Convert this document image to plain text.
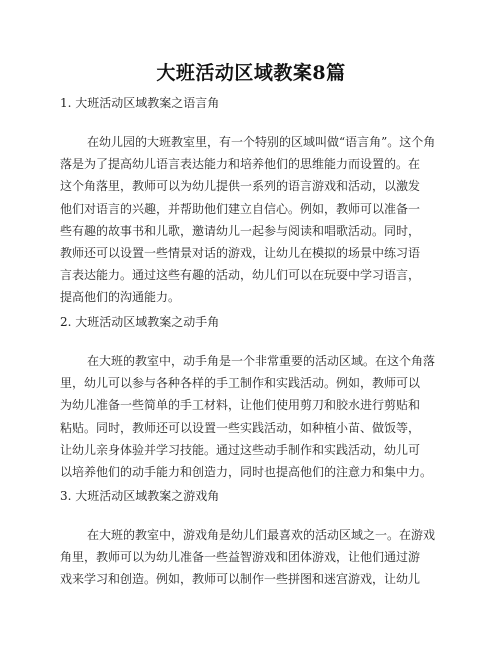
大班活动区域教案8篇

1. 大班活动区域教案之语言角

在幼儿园的大班教室里，有一个特别的区域叫做“语言角”。这个角
落是为了提高幼儿语言表达能力和培养他们的思维能力而设置的。在
这个角落里，教师可以为幼儿提供一系列的语言游戏和活动，以激发
他们对语言的兴趣，并帮助他们建立自信心。例如，教师可以准备一
些有趣的故事书和儿歌，邀请幼儿一起参与阅读和唱歌活动。同时，
教师还可以设置一些情景对话的游戏，让幼儿在模拟的场景中练习语
言表达能力。通过这些有趣的活动，幼儿们可以在玩耍中学习语言，
提高他们的沟通能力。

2. 大班活动区域教案之动手角

在大班的教室中，动手角是一个非常重要的活动区域。在这个角落
里，幼儿可以参与各种各样的手工制作和实践活动。例如，教师可以
为幼儿准备一些简单的手工材料，让他们使用剪刀和胶水进行剪贴和
粘贴。同时，教师还可以设置一些实践活动，如种植小苗、做饭等，
让幼儿亲身体验并学习技能。通过这些动手制作和实践活动，幼儿可
以培养他们的动手能力和创造力，同时也提高他们的注意力和集中力。

3. 大班活动区域教案之游戏角

在大班的教室中，游戏角是幼儿们最喜欢的活动区域之一。在游戏
角里，教师可以为幼儿准备一些益智游戏和团体游戏，让他们通过游
戏来学习和创造。例如，教师可以制作一些拼图和迷宫游戏，让幼儿
